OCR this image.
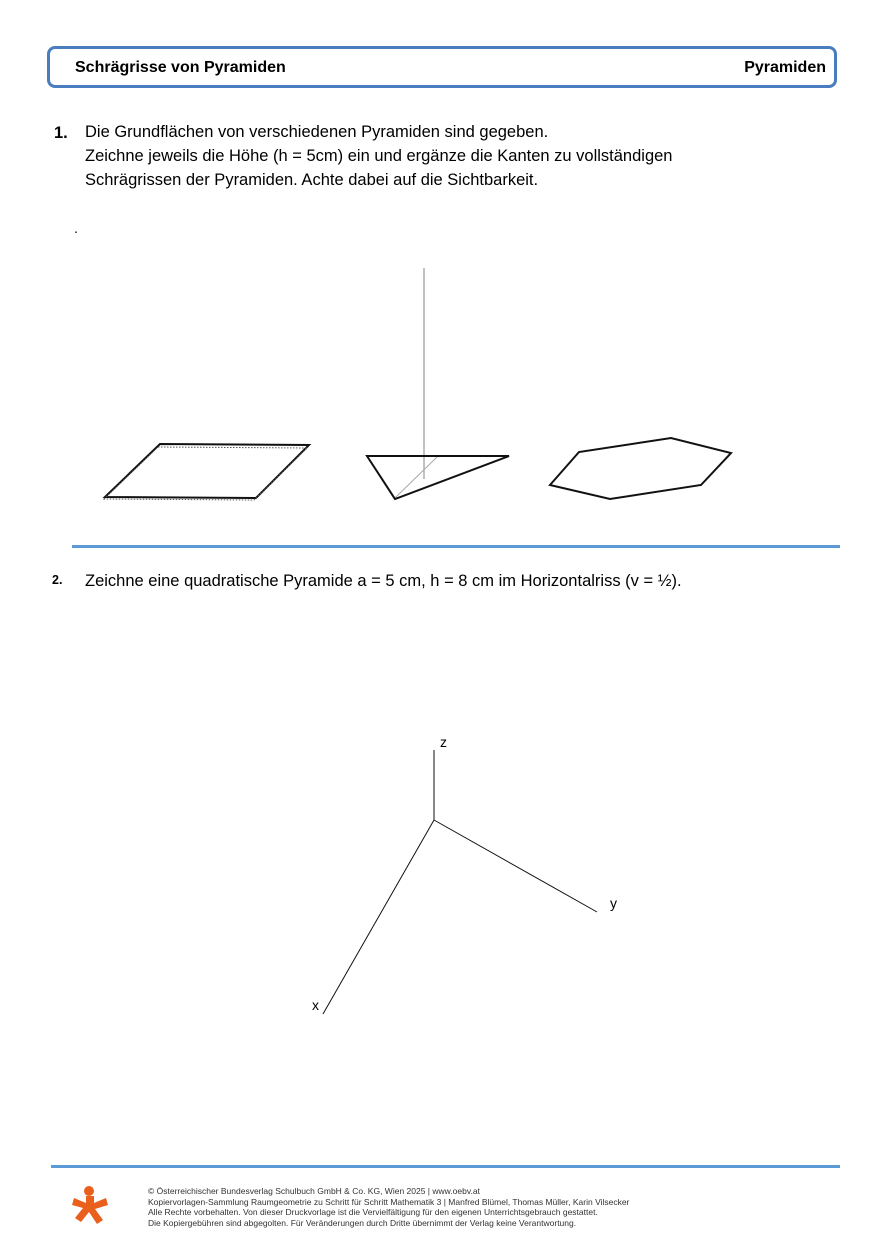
Schrägrisse von Pyramiden	Pyramiden
1. Die Grundflächen von verschiedenen Pyramiden sind gegeben.
Zeichne jeweils die Höhe (h = 5cm) ein und ergänze die Kanten zu vollständigen
Schrägrissen der Pyramiden. Achte dabei auf die Sichtbarkeit.
.
2. Zeichne eine quadratische Pyramide a = 5 cm, h = 8 cm im Horizontalriss (v = ½).
z
y
x
© Österreichischer Bundesverlag Schulbuch GmbH & Co. KG, Wien 2025 | www.oebv.at
Kopiervorlagen-Sammlung Raumgeometrie zu Schritt für Schritt Mathematik 3 | Manfred Blümel, Thomas Müller, Karin Vilsecker
Alle Rechte vorbehalten. Von dieser Druckvorlage ist die Vervielfältigung für den eigenen Unterrichtsgebrauch gestattet.
Die Kopiergebühren sind abgegolten. Für Veränderungen durch Dritte übernimmt der Verlag keine Verantwortung.
